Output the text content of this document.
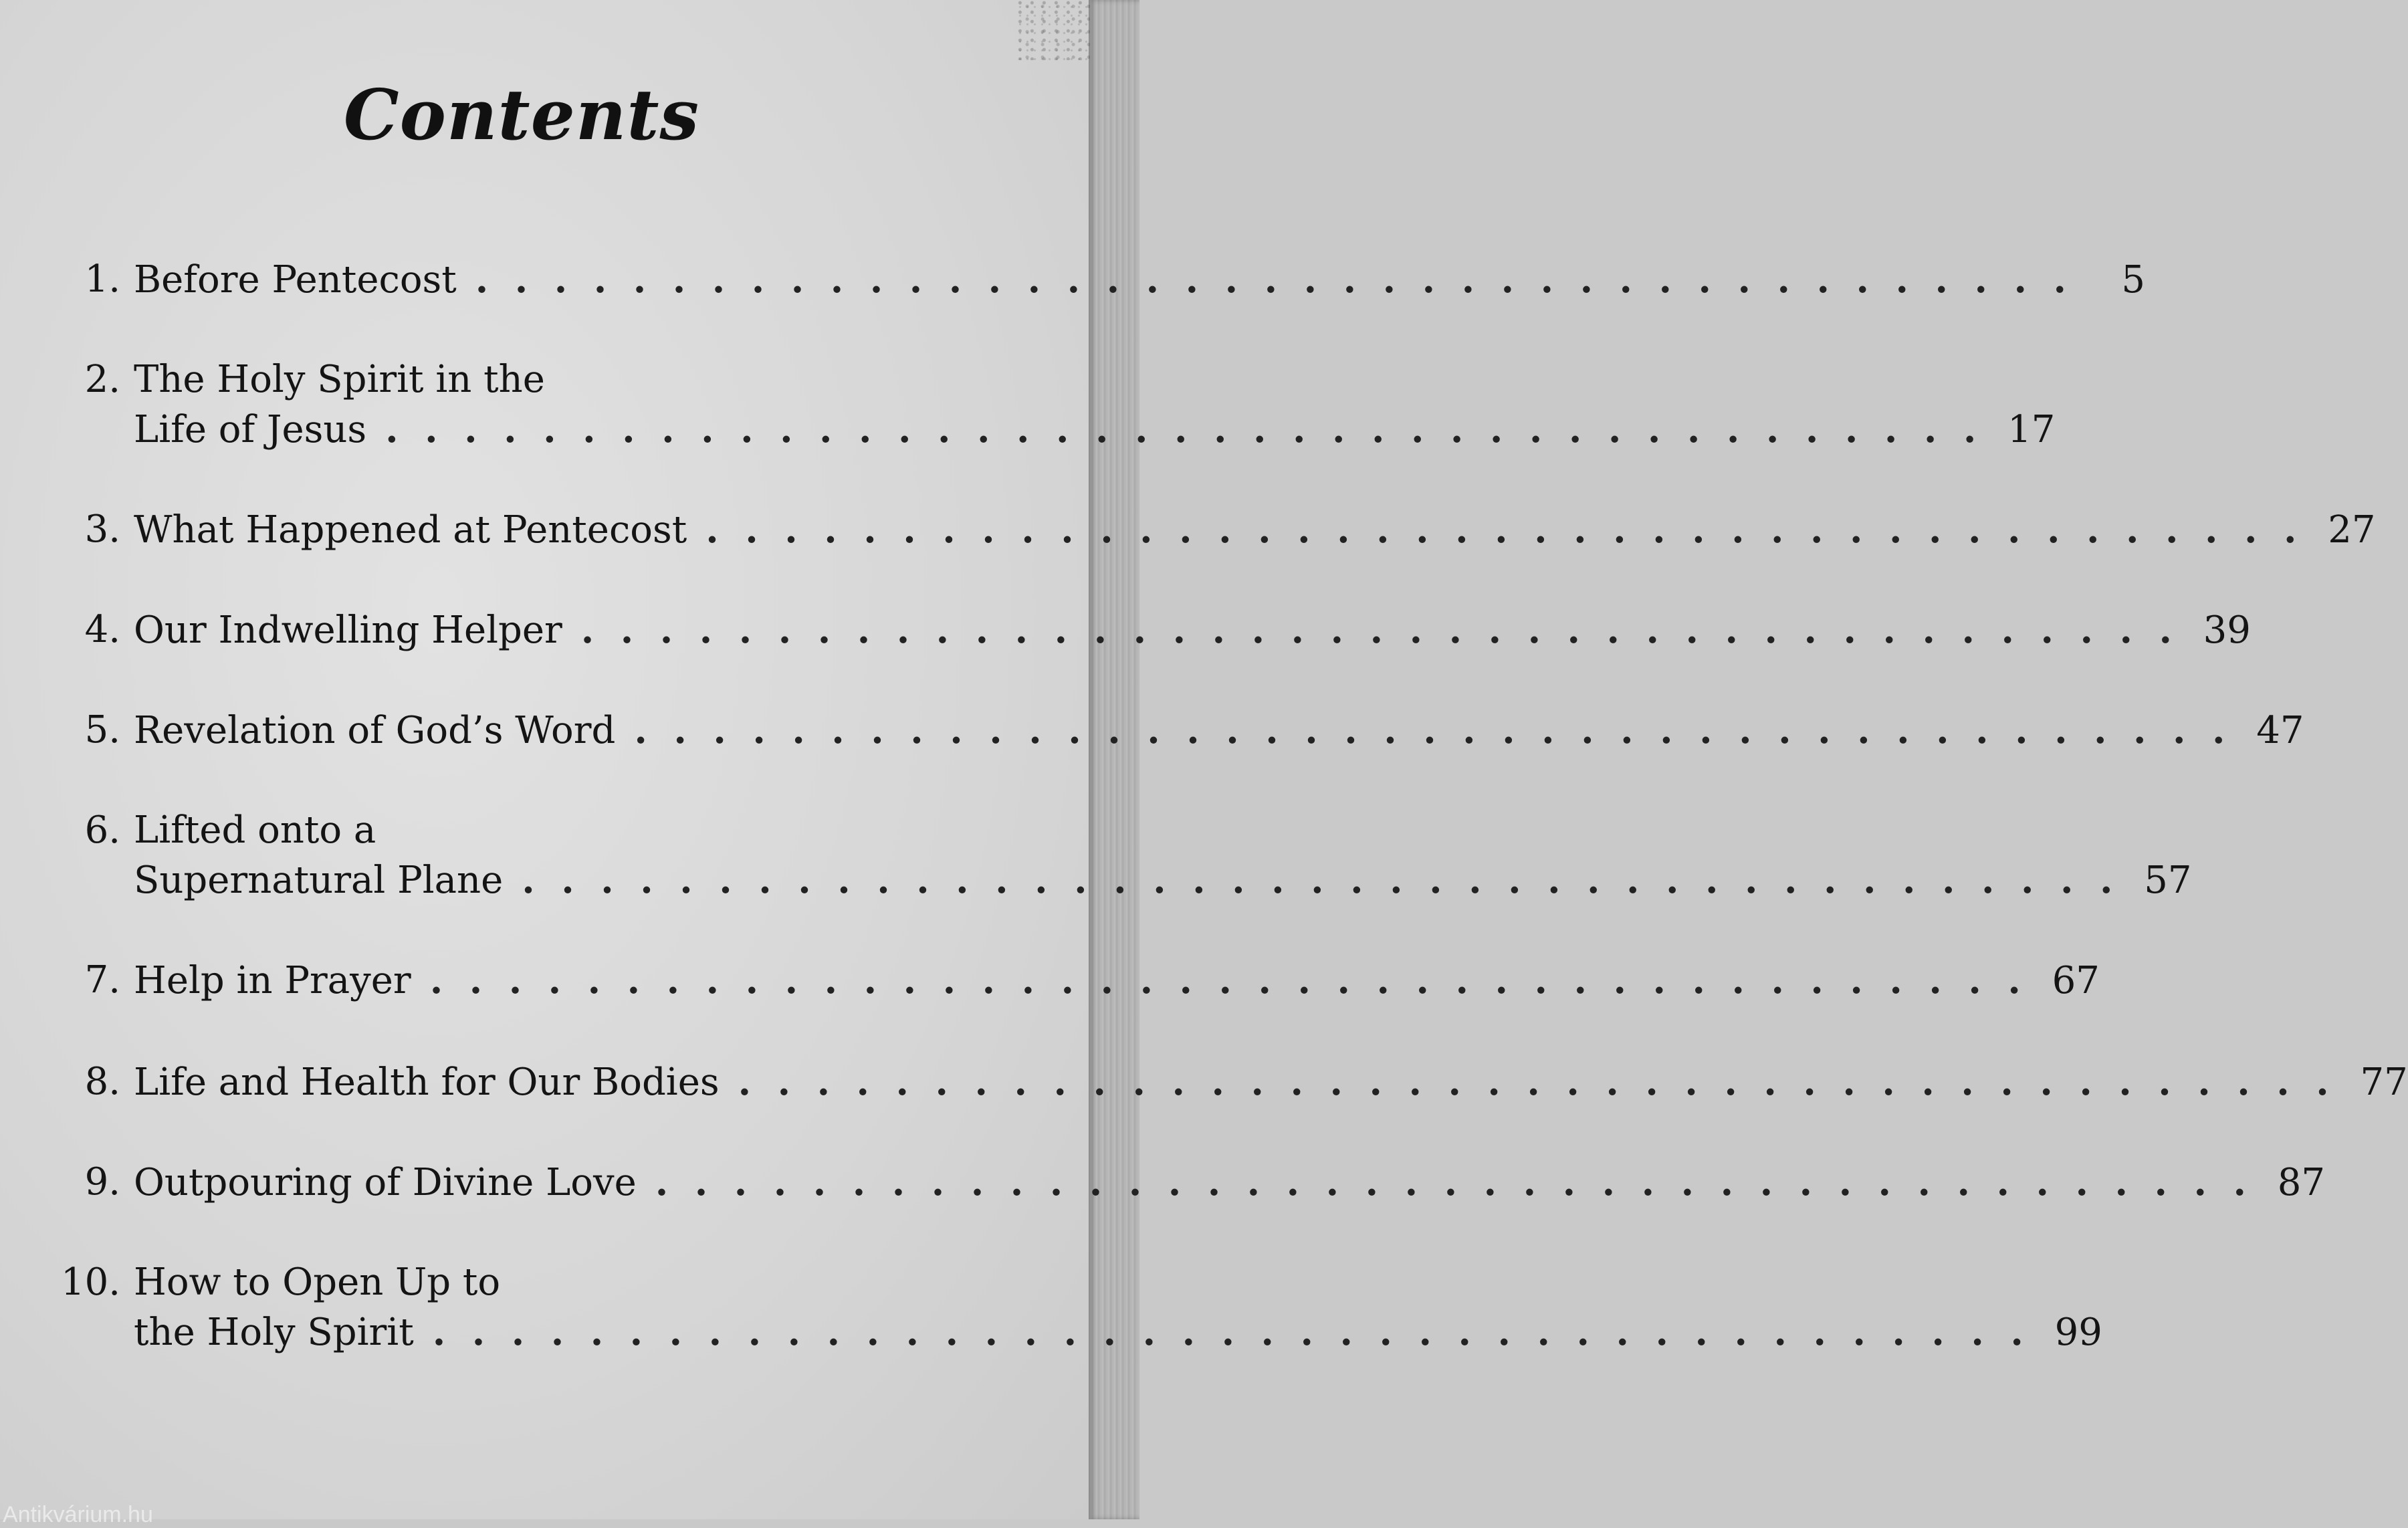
Contents
1. Before Pentecost . . . . . . . . . . . . . . . . . . . . . . . . . . . . . . . . . . . . . . . . .	5
2. The Holy Spirit in the
Life of Jesus . . . . . . . . . . . . . . . . . . . . . . . . . . . . . . . . . . . . . . . . . 17
3. What Happened at Pentecost . . . . . . . . . . . . . . . . . . . . . . . . . . . . . . . . . . . . . . . . . 27
4. Our Indwelling Helper . . . . . . . . . . . . . . . . . . . . . . . . . . . . . . . . . . . . . . . . . 39
5. Revelation of God’s Word . . . . . . . . . . . . . . . . . . . . . . . . . . . . . . . . . . . . . . . . . 47
6. Lifted onto a
Supernatural Plane . . . . . . . . . . . . . . . . . . . . . . . . . . . . . . . . . . . . . . . . . 57
7. Help in Prayer . . . . . . . . . . . . . . . . . . . . . . . . . . . . . . . . . . . . . . . . . 67
8. Life and Health for Our Bodies . . . . . . . . . . . . . . . . . . . . . . . . . . . . . . . . . . . . . . . . . 77
9. Outpouring of Divine Love . . . . . . . . . . . . . . . . . . . . . . . . . . . . . . . . . . . . . . . . . 87
10. How to Open Up to
the Holy Spirit . . . . . . . . . . . . . . . . . . . . . . . . . . . . . . . . . . . . . . . . . 99
Antikvárium.hu
